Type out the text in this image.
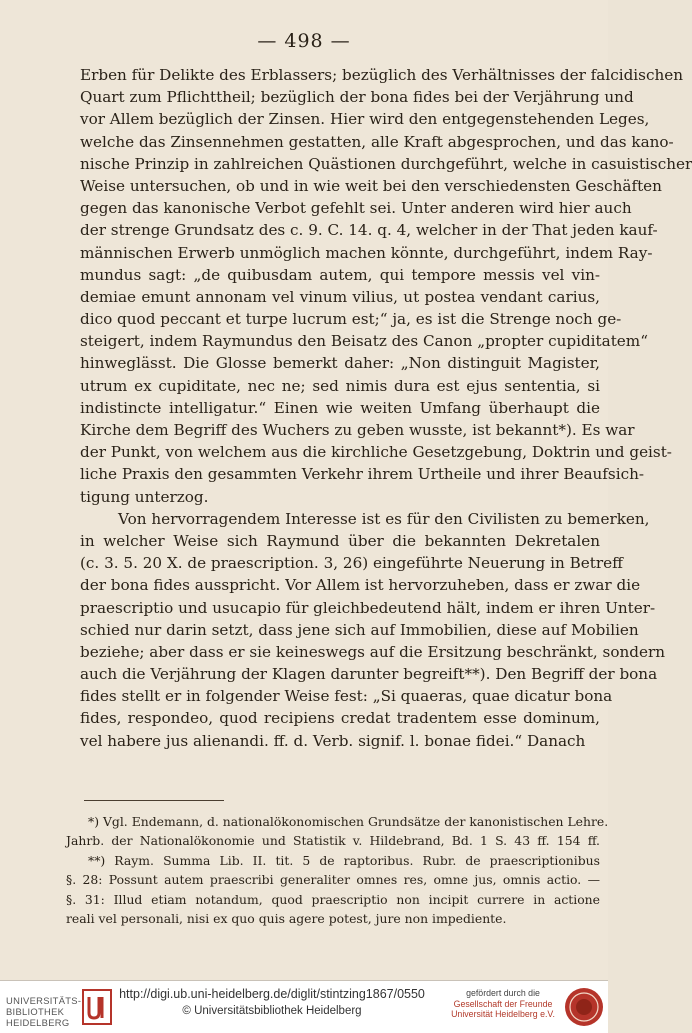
— 498 —
Erben für Delikte des Erblassers; bezüglich des Verhältnisses der falcidischen
Quart zum Pflichttheil; bezüglich der bona fides bei der Verjährung und
vor Allem bezüglich der Zinsen. Hier wird den entgegenstehenden Leges,
welche das Zinsennehmen gestatten, alle Kraft abgesprochen, und das kano-
nische Prinzip in zahlreichen Quästionen durchgeführt, welche in casuistischer
Weise untersuchen, ob und in wie weit bei den verschiedensten Geschäften
gegen das kanonische Verbot gefehlt sei. Unter anderen wird hier auch
der strenge Grundsatz des c. 9. C. 14. q. 4, welcher in der That jeden kauf-
männischen Erwerb unmöglich machen könnte, durchgeführt, indem Ray-
mundus sagt: „de quibusdam autem, qui tempore messis vel vin-
demiae emunt annonam vel vinum vilius, ut postea vendant carius,
dico quod peccant et turpe lucrum est;“ ja, es ist die Strenge noch ge-
steigert, indem Raymundus den Beisatz des Canon „propter cupiditatem“
hinweglässt. Die Glosse bemerkt daher: „Non distinguit Magister,
utrum ex cupiditate, nec ne; sed nimis dura est ejus sententia, si
indistincte intelligatur.“ Einen wie weiten Umfang überhaupt die
Kirche dem Begriff des Wuchers zu geben wusste, ist bekannt*). Es war
der Punkt, von welchem aus die kirchliche Gesetzgebung, Doktrin und geist-
liche Praxis den gesammten Verkehr ihrem Urtheile und ihrer Beaufsich-
tigung unterzog.
Von hervorragendem Interesse ist es für den Civilisten zu bemerken,
in welcher Weise sich Raymund über die bekannten Dekretalen
(c. 3. 5. 20 X. de praescription. 3, 26) eingeführte Neuerung in Betreff
der bona fides ausspricht. Vor Allem ist hervorzuheben, dass er zwar die
praescriptio und usucapio für gleichbedeutend hält, indem er ihren Unter-
schied nur darin setzt, dass jene sich auf Immobilien, diese auf Mobilien
beziehe; aber dass er sie keineswegs auf die Ersitzung beschränkt, sondern
auch die Verjährung der Klagen darunter begreift**). Den Begriff der bona
fides stellt er in folgender Weise fest: „Si quaeras, quae dicatur bona
fides, respondeo, quod recipiens credat tradentem esse dominum,
vel habere jus alienandi. ff. d. Verb. signif. l. bonae fidei.“ Danach
*) Vgl. Endemann, d. nationalökonomischen Grundsätze der kanonistischen Lehre.
Jahrb. der Nationalökonomie und Statistik v. Hildebrand, Bd. 1 S. 43 ff. 154 ff.
**) Raym. Summa Lib. II. tit. 5 de raptoribus. Rubr. de praescriptionibus
§. 28: Possunt autem praescribi generaliter omnes res, omne jus, omnis actio. —
§. 31: Illud etiam notandum, quod praescriptio non incipit currere in actione
reali vel personali, nisi ex quo quis agere potest, jure non impediente.
UNIVERSITÄTS-
BIBLIOTHEK
HEIDELBERG
http://digi.ub.uni-heidelberg.de/diglit/stintzing1867/0550
© Universitätsbibliothek Heidelberg
gefördert durch die
Gesellschaft der Freunde
Universität Heidelberg e.V.
